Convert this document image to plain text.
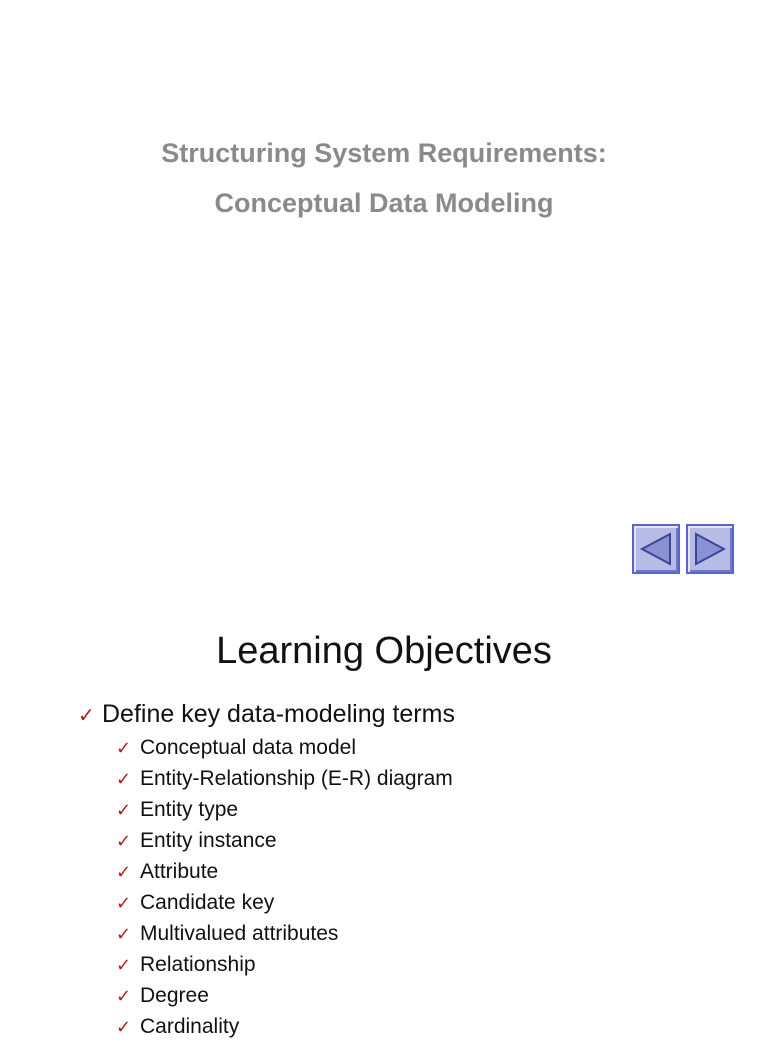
Structuring System Requirements:
Conceptual Data Modeling
Learning Objectives
✓ Define key data-modeling terms
✓ Conceptual data model
✓ Entity-Relationship (E-R) diagram
✓ Entity type
✓ Entity instance
✓ Attribute
✓ Candidate key
✓ Multivalued attributes
✓ Relationship
✓ Degree
✓ Cardinality
